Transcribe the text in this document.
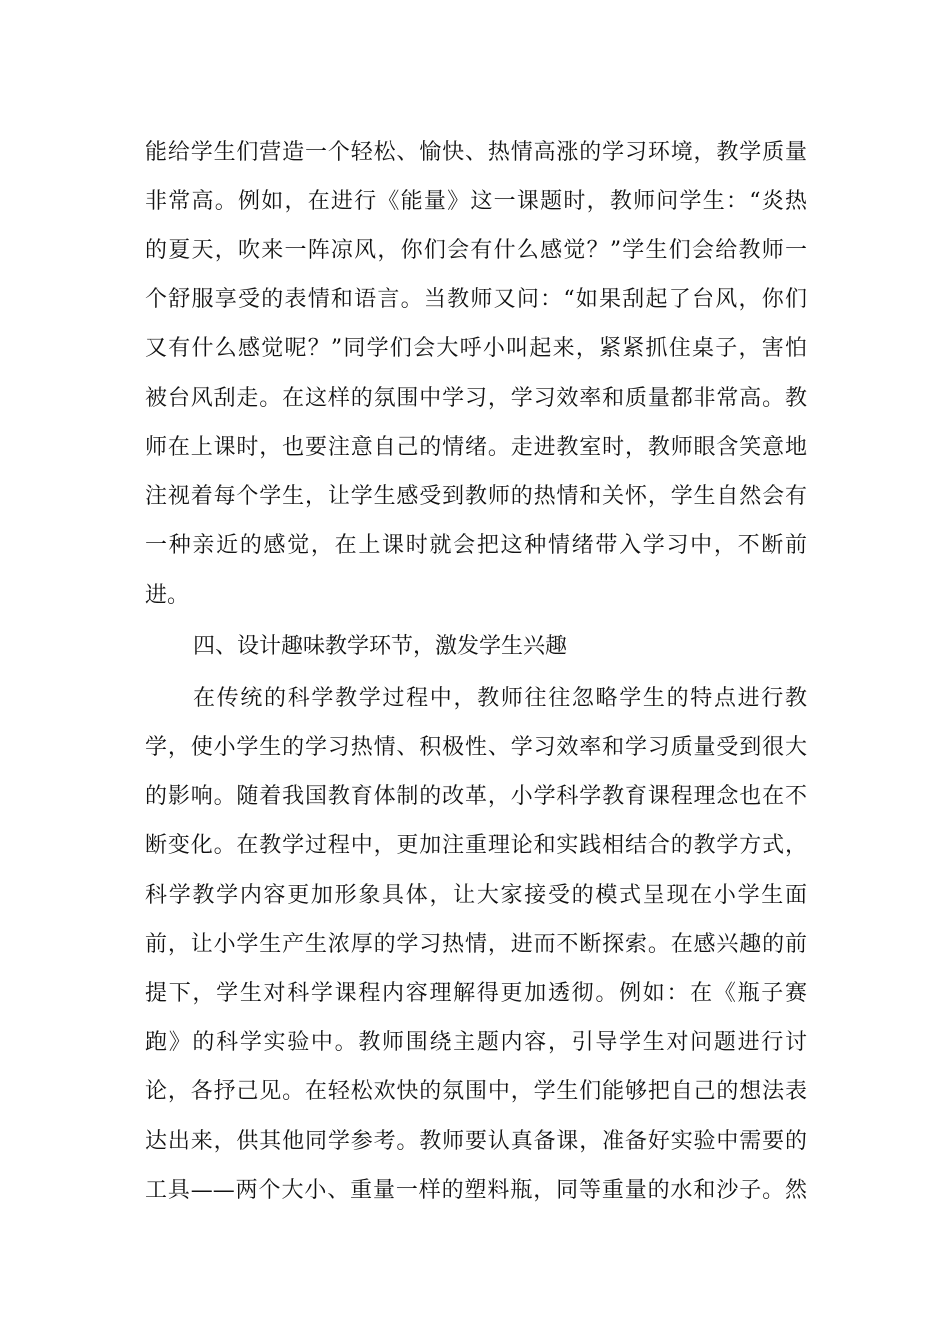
能给学生们营造一个轻松、愉快、热情高涨的学习环境，教学质量
非常高。例如，在进行《能量》这一课题时，教师问学生：“炎热
的夏天，吹来一阵凉风，你们会有什么感觉？”学生们会给教师一
个舒服享受的表情和语言。当教师又问：“如果刮起了台风，你们
又有什么感觉呢？”同学们会大呼小叫起来，紧紧抓住桌子，害怕
被台风刮走。在这样的氛围中学习，学习效率和质量都非常高。教
师在上课时，也要注意自己的情绪。走进教室时，教师眼含笑意地
注视着每个学生，让学生感受到教师的热情和关怀，学生自然会有
一种亲近的感觉，在上课时就会把这种情绪带入学习中，不断前
进。
四、设计趣味教学环节，激发学生兴趣
在传统的科学教学过程中，教师往往忽略学生的特点进行教
学，使小学生的学习热情、积极性、学习效率和学习质量受到很大
的影响。随着我国教育体制的改革，小学科学教育课程理念也在不
断变化。在教学过程中，更加注重理论和实践相结合的教学方式，
科学教学内容更加形象具体，让大家接受的模式呈现在小学生面
前，让小学生产生浓厚的学习热情，进而不断探索。在感兴趣的前
提下，学生对科学课程内容理解得更加透彻。例如：在《瓶子赛
跑》的科学实验中。教师围绕主题内容，引导学生对问题进行讨
论，各抒己见。在轻松欢快的氛围中，学生们能够把自己的想法表
达出来，供其他同学参考。教师要认真备课，准备好实验中需要的
工具——两个大小、重量一样的塑料瓶，同等重量的水和沙子。然
